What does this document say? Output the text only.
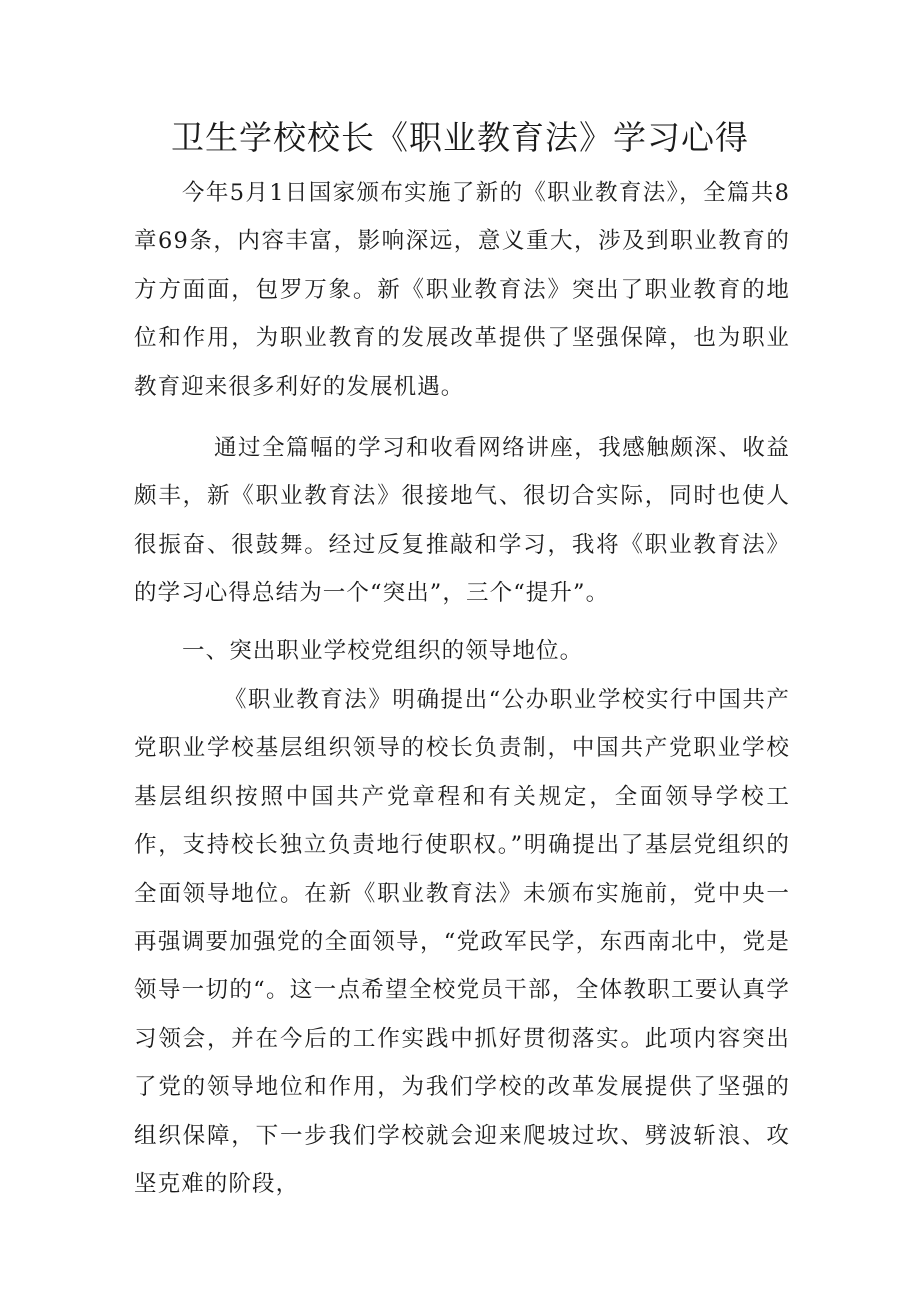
卫生学校校长《职业教育法》学习心得

今年5月1日国家颁布实施了新的《职业教育法》，全篇共8章69条，内容丰富，影响深远，意义重大，涉及到职业教育的方方面面，包罗万象。新《职业教育法》突出了职业教育的地位和作用，为职业教育的发展改革提供了坚强保障，也为职业教育迎来很多利好的发展机遇。

通过全篇幅的学习和收看网络讲座，我感触颇深、收益颇丰，新《职业教育法》很接地气、很切合实际，同时也使人很振奋、很鼓舞。经过反复推敲和学习，我将《职业教育法》的学习心得总结为一个“突出”，三个“提升”。

一、突出职业学校党组织的领导地位。

《职业教育法》明确提出“公办职业学校实行中国共产党职业学校基层组织领导的校长负责制，中国共产党职业学校基层组织按照中国共产党章程和有关规定，全面领导学校工作，支持校长独立负责地行使职权。”明确提出了基层党组织的全面领导地位。在新《职业教育法》未颁布实施前，党中央一再强调要加强党的全面领导，“党政军民学，东西南北中，党是领导一切的“。这一点希望全校党员干部，全体教职工要认真学习领会，并在今后的工作实践中抓好贯彻落实。此项内容突出了党的领导地位和作用，为我们学校的改革发展提供了坚强的组织保障，下一步我们学校就会迎来爬坡过坎、劈波斩浪、攻坚克难的阶段，
